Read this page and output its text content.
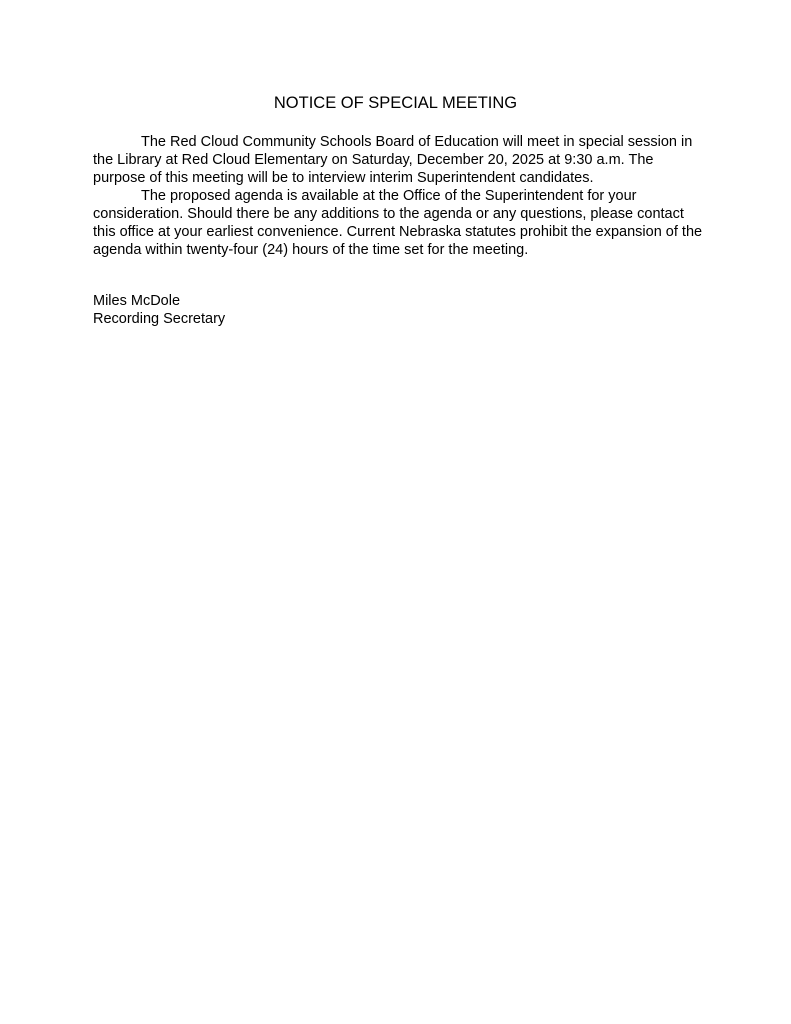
NOTICE OF SPECIAL MEETING

The Red Cloud Community Schools Board of Education will meet in special session in the Library at Red Cloud Elementary on Saturday, December 20, 2025 at 9:30 a.m. The purpose of this meeting will be to interview interim Superintendent candidates.

The proposed agenda is available at the Office of the Superintendent for your consideration. Should there be any additions to the agenda or any questions, please contact this office at your earliest convenience. Current Nebraska statutes prohibit the expansion of the agenda within twenty-four (24) hours of the time set for the meeting.

Miles McDole
Recording Secretary
